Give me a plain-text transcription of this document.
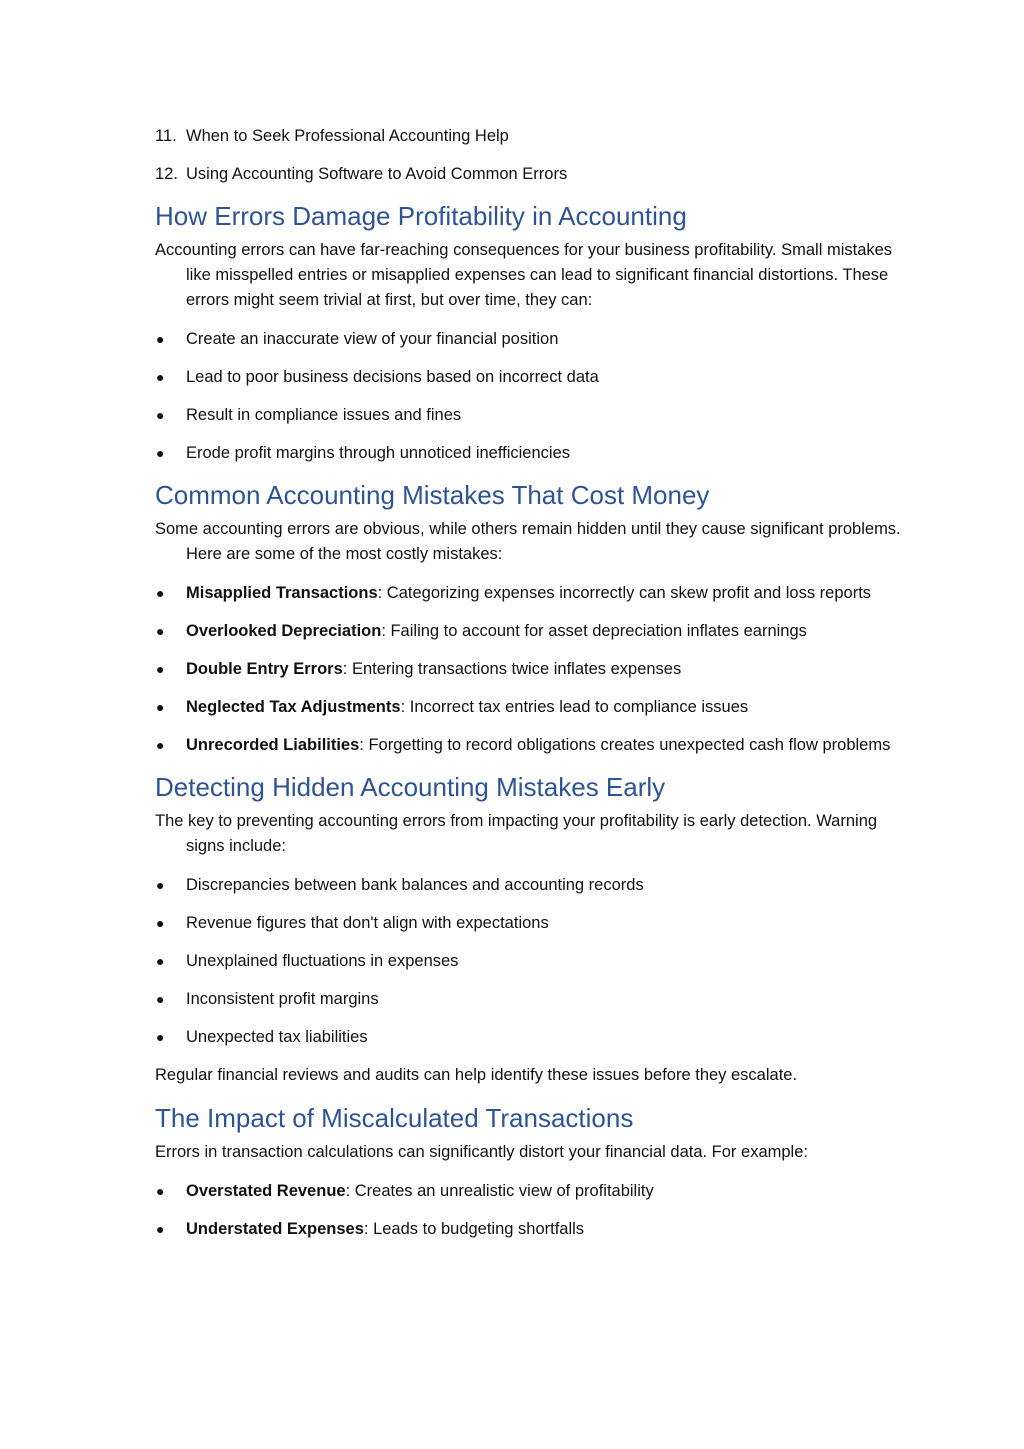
11. When to Seek Professional Accounting Help
12. Using Accounting Software to Avoid Common Errors
How Errors Damage Profitability in Accounting

Accounting errors can have far-reaching consequences for your business profitability. Small mistakes like misspelled entries or misapplied expenses can lead to significant financial distortions. These errors might seem trivial at first, but over time, they can:

● Create an inaccurate view of your financial position
● Lead to poor business decisions based on incorrect data
● Result in compliance issues and fines
● Erode profit margins through unnoticed inefficiencies
Common Accounting Mistakes That Cost Money

Some accounting errors are obvious, while others remain hidden until they cause significant problems. Here are some of the most costly mistakes:

● Misapplied Transactions: Categorizing expenses incorrectly can skew profit and loss reports
● Overlooked Depreciation: Failing to account for asset depreciation inflates earnings
● Double Entry Errors: Entering transactions twice inflates expenses
● Neglected Tax Adjustments: Incorrect tax entries lead to compliance issues
● Unrecorded Liabilities: Forgetting to record obligations creates unexpected cash flow problems
Detecting Hidden Accounting Mistakes Early

The key to preventing accounting errors from impacting your profitability is early detection. Warning signs include:

● Discrepancies between bank balances and accounting records
● Revenue figures that don't align with expectations
● Unexplained fluctuations in expenses
● Inconsistent profit margins
● Unexpected tax liabilities

Regular financial reviews and audits can help identify these issues before they escalate.

The Impact of Miscalculated Transactions

Errors in transaction calculations can significantly distort your financial data. For example:

● Overstated Revenue: Creates an unrealistic view of profitability
● Understated Expenses: Leads to budgeting shortfalls
